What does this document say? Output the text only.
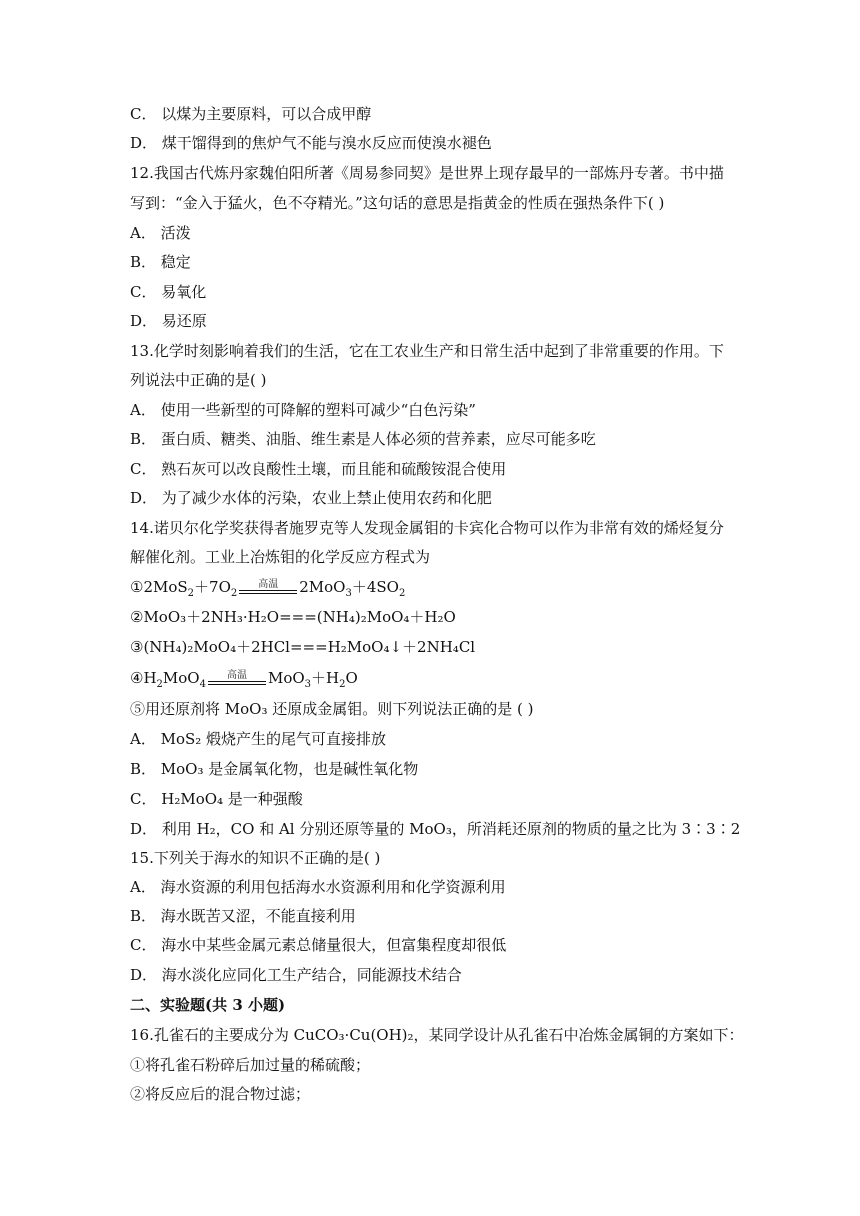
C． 以煤为主要原料，可以合成甲醇
D． 煤干馏得到的焦炉气不能与溴水反应而使溴水褪色
12.我国古代炼丹家魏伯阳所著《周易参同契》是世界上现存最早的一部炼丹专著。书中描
写到：“金入于猛火，色不夺精光。”这句话的意思是指黄金的性质在强热条件下( )
A． 活泼
B． 稳定
C． 易氧化
D． 易还原
13.化学时刻影响着我们的生活，它在工农业生产和日常生活中起到了非常重要的作用。下
列说法中正确的是( )
A． 使用一些新型的可降解的塑料可减少“白色污染”
B． 蛋白质、糖类、油脂、维生素是人体必须的营养素，应尽可能多吃
C． 熟石灰可以改良酸性土壤，而且能和硫酸铵混合使用
D． 为了减少水体的污染，农业上禁止使用农药和化肥
14.诺贝尔化学奖获得者施罗克等人发现金属钼的卡宾化合物可以作为非常有效的烯烃复分
解催化剂。工业上冶炼钼的化学反应方程式为
$①2MoS_2+7O_2$
高温	$2MoO_3+4SO_2$
②MoO₃＋2NH₃·H₂O===(NH₄)₂MoO₄＋H₂O
③(NH₄)₂MoO₄＋2HCl===H₂MoO₄↓＋2NH₄Cl
$④H_2MoO_4$
高温	$MoO_3+H_2O$
⑤用还原剂将 MoO₃ 还原成金属钼。则下列说法正确的是 ( )
A． MoS₂ 煅烧产生的尾气可直接排放
B． MoO₃ 是金属氧化物，也是碱性氧化物
C． H₂MoO₄ 是一种强酸
D． 利用 H₂，CO 和 Al 分别还原等量的 MoO₃，所消耗还原剂的物质的量之比为 3∶3∶2
15.下列关于海水的知识不正确的是( )
A． 海水资源的利用包括海水水资源利用和化学资源利用
B． 海水既苦又涩，不能直接利用
C． 海水中某些金属元素总储量很大，但富集程度却很低
D． 海水淡化应同化工生产结合，同能源技术结合
二、实验题(共 3 小题)
16.孔雀石的主要成分为 CuCO₃·Cu(OH)₂，某同学设计从孔雀石中冶炼金属铜的方案如下：
①将孔雀石粉碎后加过量的稀硫酸；
②将反应后的混合物过滤；
